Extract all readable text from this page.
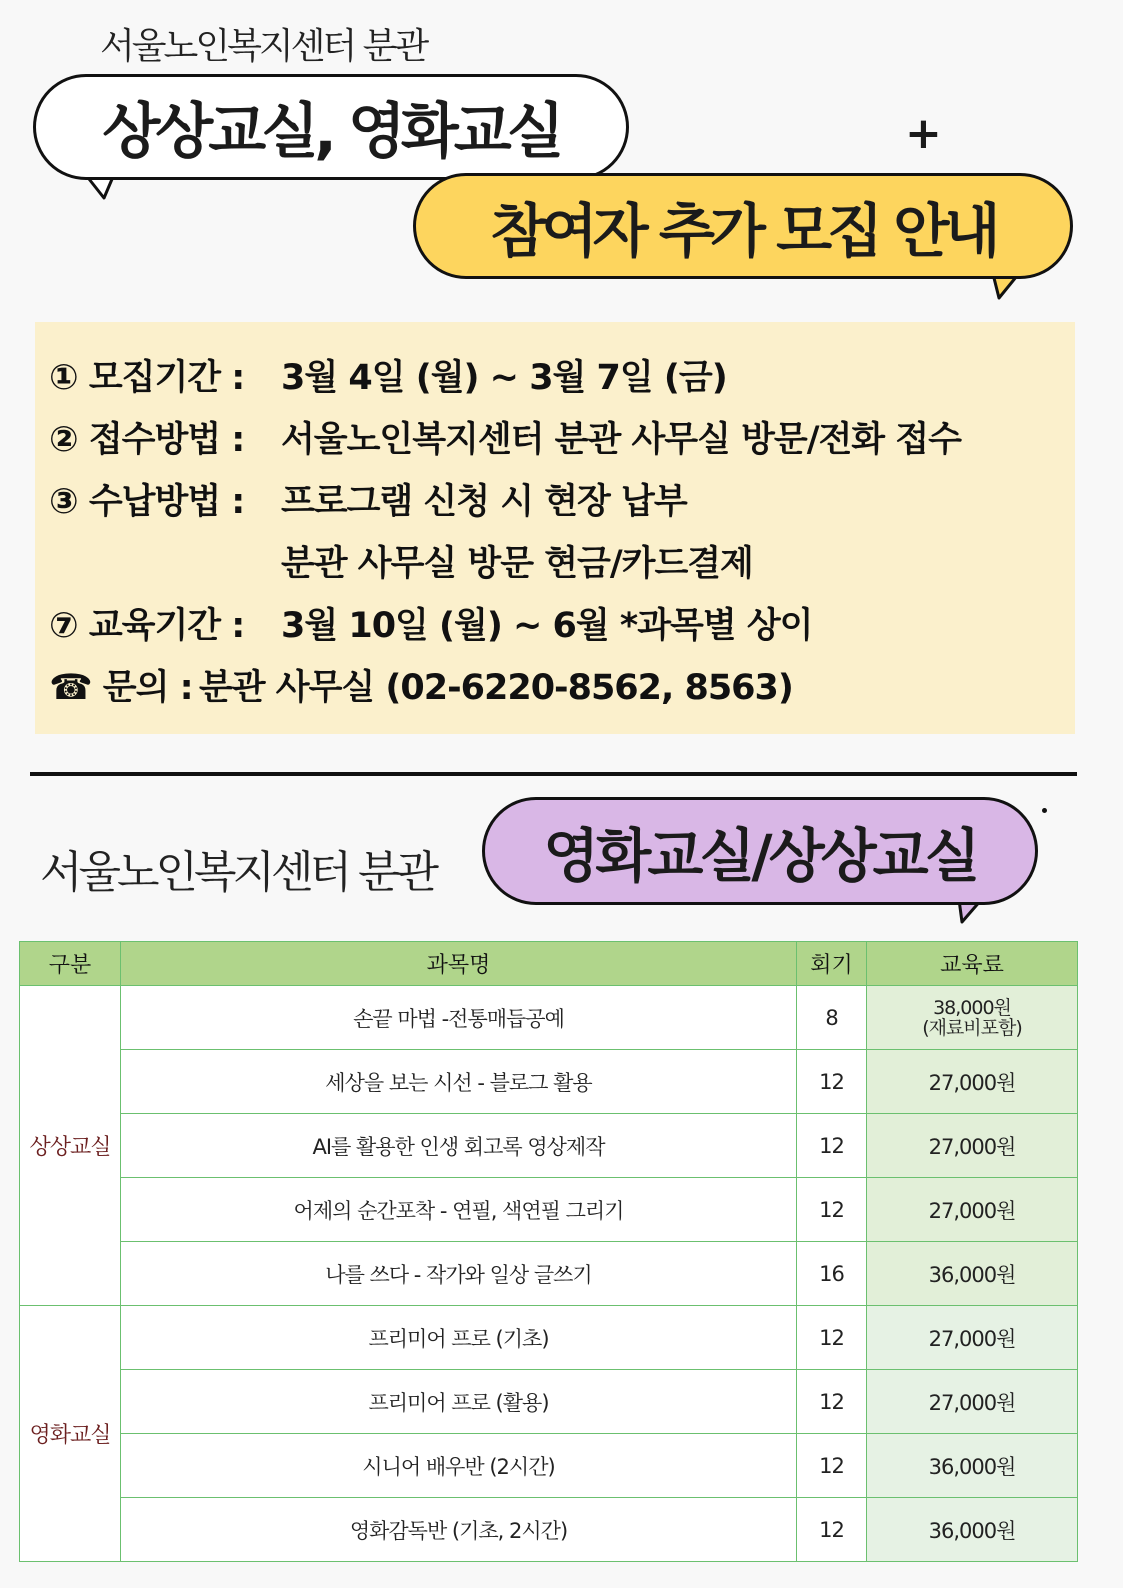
서울노인복지센터 분관
상상교실, 영화교실	+
참여자 추가 모집 안내
① 모집기간 : 3월 4일 (월) ~ 3월 7일 (금)
② 접수방법 : 서울노인복지센터 분관 사무실 방문/전화 접수
③ 수납방법 : 프로그램 신청 시 현장 납부
분관 사무실 방문 현금/카드결제
⑦ 교육기간 : 3월 10일 (월) ~ 6월 *과목별 상이
☎ 문의 : 분관 사무실 (02-6220-8562, 8563)
서울노인복지센터 분관 영화교실/상상교실
구분	과목명	회기	교육료
상상교실	손끝 마법 -전통매듭공예	8	38,000원
(재료비포함)

	세상을 보는 시선 - 블로그 활용	12	27,000원
	AI를 활용한 인생 회고록 영상제작	12	27,000원
	어제의 순간포착 - 연필, 색연필 그리기	12	27,000원
	나를 쓰다 - 작가와 일상 글쓰기	16	36,000원
영화교실	프리미어 프로 (기초)	12	27,000원
	프리미어 프로 (활용)	12	27,000원
	시니어 배우반 (2시간)	12	36,000원
	영화감독반 (기초, 2시간)	12	36,000원
